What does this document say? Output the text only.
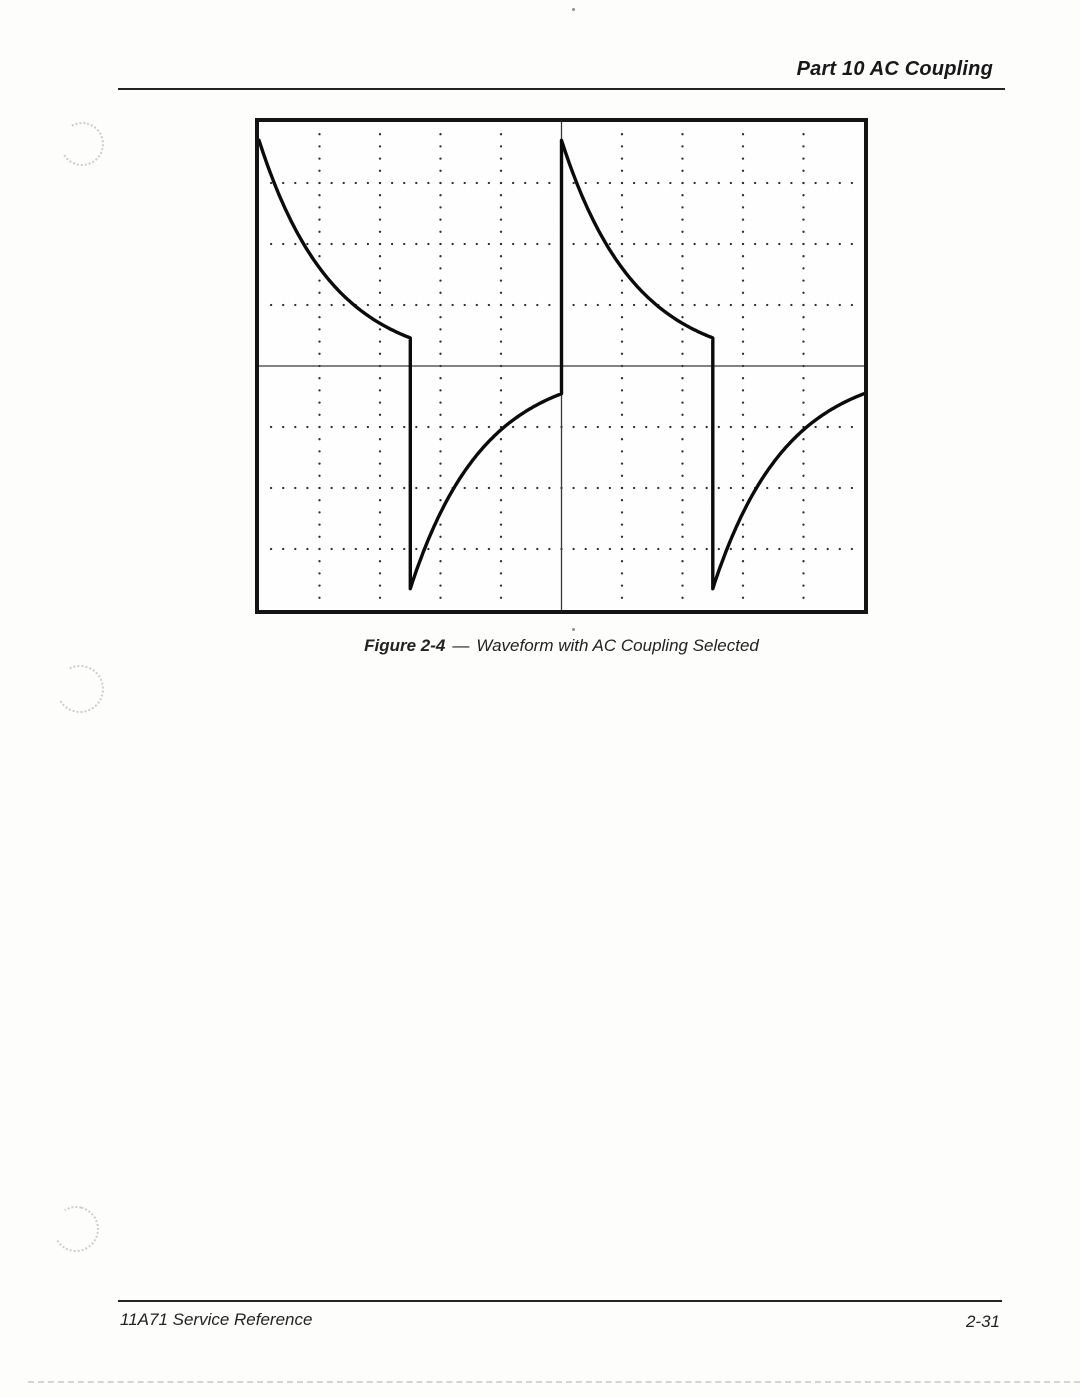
Part 10 AC Coupling
Figure 2-4 — Waveform with AC Coupling Selected
11A71 Service Reference	2-31
